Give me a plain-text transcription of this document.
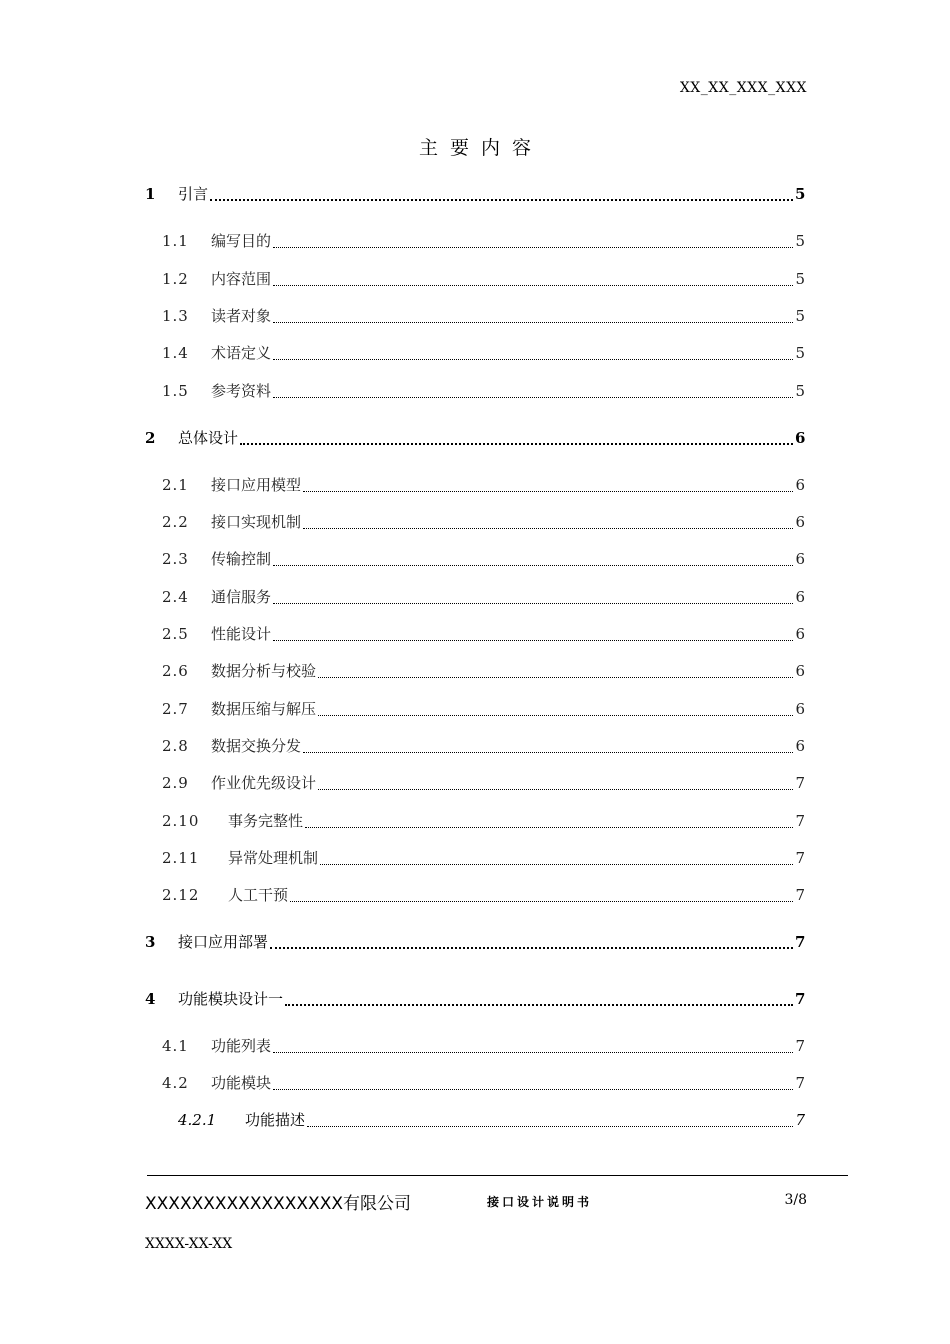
XX_XX_XXX_XXX
主要内容
1	引言	5
1.1	编写目的	5
1.2	内容范围	5
1.3	读者对象	5
1.4	术语定义	5
1.5	参考资料	5
2	总体设计	6
2.1	接口应用模型	6
2.2	接口实现机制	6
2.3	传输控制	6
2.4	通信服务	6
2.5	性能设计	6
2.6	数据分析与校验	6
2.7	数据压缩与解压	6
2.8	数据交换分发	6
2.9	作业优先级设计	7
2.10	事务完整性	7
2.11	异常处理机制	7
2.12	人工干预	7
3	接口应用部署	7
4	功能模块设计一	7
4.1	功能列表	7
4.2	功能模块	7
4.2.1	功能描述	7
XXXXXXXXXXXXXXXXX有限公司	接口设计说明书	3/8
XXXX-XX-XX
